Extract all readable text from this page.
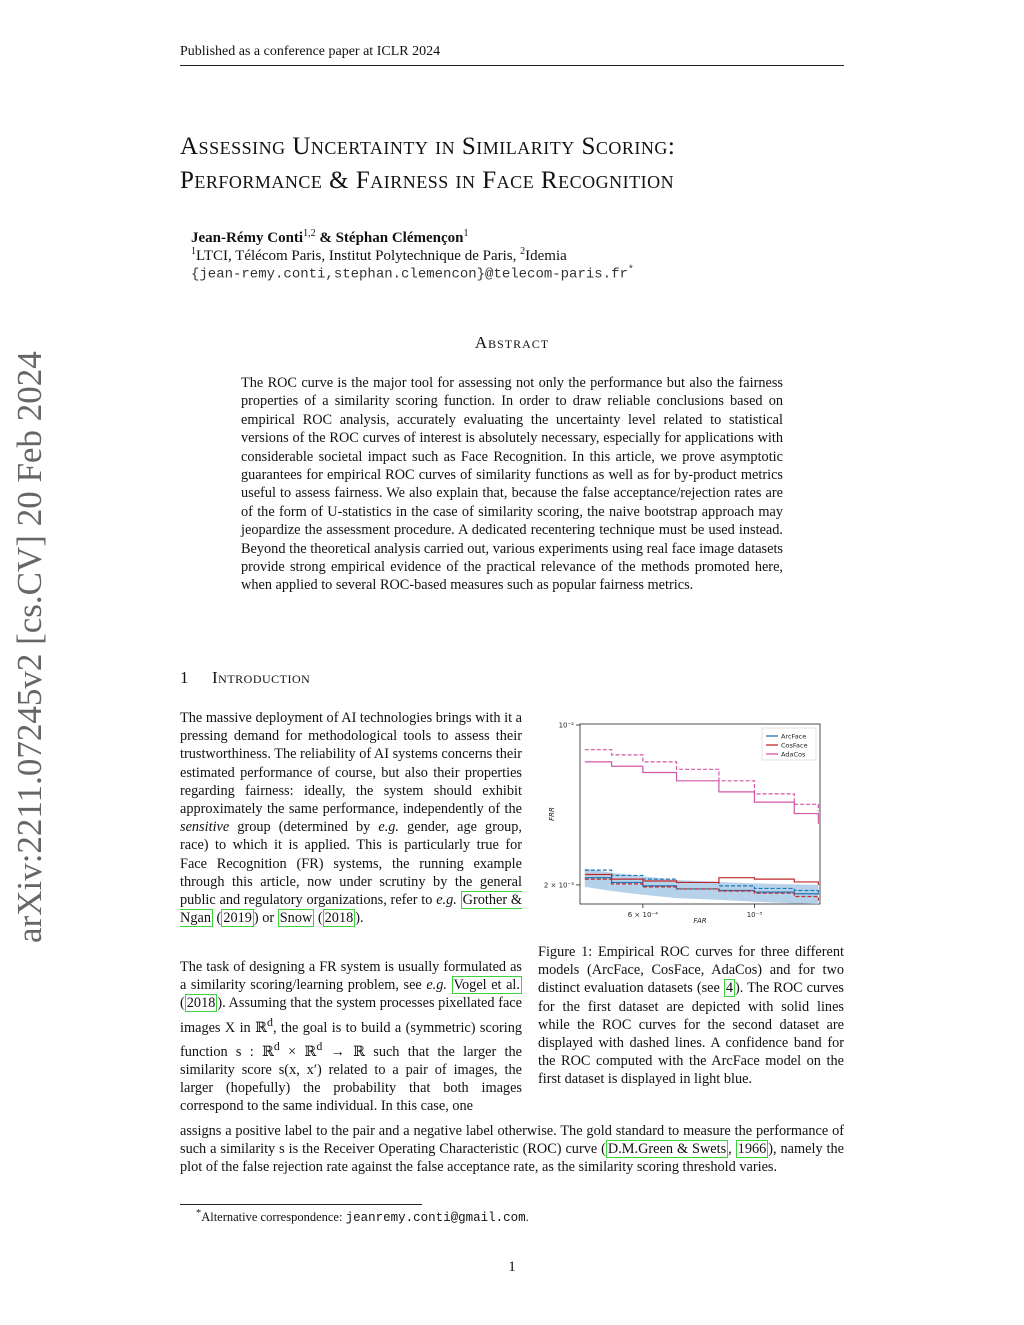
Published as a conference paper at ICLR 2024
Assessing Uncertainty in Similarity Scoring:
Performance & Fairness in Face Recognition
Jean-Rémy Conti$^{1,2}$ & Stéphan Clémençon$^1$
$^1$LTCI, Télécom Paris, Institut Polytechnique de Paris, $^2$Idemia
{jean-remy.conti,stephan.clemencon}@telecom-paris.fr*
Abstract
The ROC curve is the major tool for assessing not only the performance but also the fairness properties of a similarity scoring function. In order to draw reliable conclusions based on empirical ROC analysis, accurately evaluating the uncertainty level related to statistical versions of the ROC curves of interest is absolutely necessary, especially for applications with considerable societal impact such as Face Recognition. In this article, we prove asymptotic guarantees for empirical ROC curves of similarity functions as well as for by-product metrics useful to assess fairness. We also explain that, because the false acceptance/rejection rates are of the form of U-statistics in the case of similarity scoring, the naive bootstrap approach may jeopardize the assessment procedure. A dedicated recentering technique must be used instead. Beyond the theoretical analysis carried out, various experiments using real face image datasets provide strong empirical evidence of the practical relevance of the methods promoted here, when applied to several ROC-based measures such as popular fairness metrics.
1 Introduction
The massive deployment of AI technologies brings with it a pressing demand for methodological tools to assess their trustworthiness. The reliability of AI systems concerns their estimated performance of course, but also their properties regarding fairness: ideally, the system should exhibit approximately the same performance, independently of the sensitive group (determined by e.g. gender, age group, race) to which it is applied. This is particularly true for Face Recognition (FR) systems, the running example through this article, now under scrutiny by the general public and regulatory organizations, refer to e.g. Grother & Ngan ( 2019 ) or Snow ( 2018 ).
The task of designing a FR system is usually formulated as a similarity scoring/learning problem, see e.g. Vogel et al. ( 2018 ). Assuming that the system processes pixellated face images X in ℝ$^d$, the goal is to build a (symmetric) scoring function s : ℝ$^d$ × ℝ$^d$ → ℝ such that the larger the similarity score s(x, x′) related to a pair of images, the larger (hopefully) the probability that both images correspond to the same individual. In this case, one
assigns a positive label to the pair and a negative label otherwise. The gold standard to measure the performance of such a similarity s is the Receiver Operating Characteristic (ROC) curve ( D.M.Green & Swets , 1966 ), namely the plot of the false rejection rate against the false acceptance rate, as the similarity scoring threshold varies.
6 × 10⁻⁴	10⁻³
2 × 10⁻³
10⁻²
FAR
FRR
ArcFace
CosFace
AdaCos
Figure 1: Empirical ROC curves for three different models (ArcFace, CosFace, AdaCos) and for two distinct evaluation datasets (see 4 ). The ROC curves for the first dataset are depicted with solid lines while the ROC curves for the second dataset are displayed with dashed lines. A confidence band for the ROC computed with the ArcFace model on the first dataset is displayed in light blue.
*Alternative correspondence: jeanremy.conti@gmail.com.
1
arXiv:2211.07245v2 [cs.CV] 20 Feb 2024
